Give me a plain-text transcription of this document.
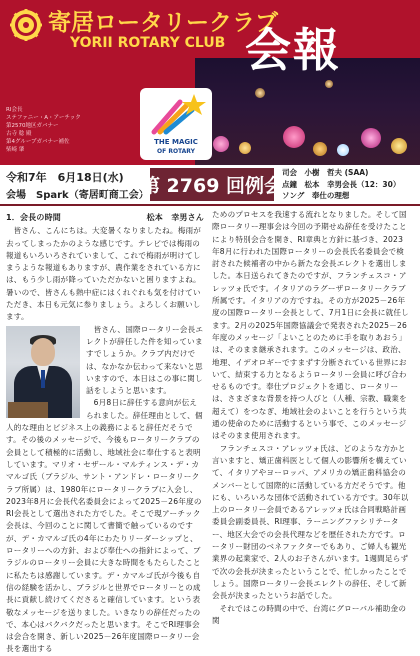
寄居ロータリークラブ
YORII ROTARY CLUB 会報
RI会長
ステファニー・A・アーチック
第2570地区ガバナー
古寺 稔 殿
第4グループガバナー補佐
柴崎 肇
THE MAGIC
OF ROTARY
令和7年　6月18日(水)
会場　Spark（寄居町商工会）
第 2769 回例会
司会　小樹　哲夫 (SAA)
点鐘　松本　幸男会長（12：30）
ソング　奉仕の理想
1．会長の時間	松本　幸男さん

皆さん、こんにちは。大変暑くなりましたね。梅雨が去ってしまったかのような感じです。テレビでは梅雨の報道もいろいろされていまして、これで梅雨が明けてしまうような報道もありますが、農作業をされている方には、もう少し雨が降っていただかないと困りますよね。暑いので、皆さんも熱中症にはくれぐれも気を付けていただき、本日も元気に参りましょう。よろしくお願いします。

皆さん、国際ロータリー会長エレクトが辞任した件を知っていますでしょうか。クラブ内だけでは、なかなか伝わって来ないと思いますので、本日はこの事に関し話をしようと思います。

6月8日に辞任する意向が伝えられました。辞任理由として、個人的な理由とビジネス上の義務によると辞任だそうです。その後のメッセージで、今後もロータリークラブの会員として積極的に活動し、地域社会に奉仕すると表明しています。マリオ・セザール・マルティンス・デ・カマルゴ氏（ブラジル、サント・アンドレ・ロータリークラブ所属）は、1980年にロータリークラブに入会し、2023年8月に会長代名委員会によって2025－26年度のRI会長として選出された方でした。そこで現アーチック会長は、今回のことに関して書簡で触っているのですが、デ・カマルゴ氏の4年にわたりリーダーシップと、ロータリーへの方針、および奉仕への指針によって、ブラジルのロータリー会員に大きな時間をもたらしたことに私たちは感謝しています。デ・カマルゴ氏が今後も自信の経験を活かし、ブラジルと世界でロータリーとの成長に貢献し続けてくださると確信しています。という表敬なメッセージを送りました。いきなりの辞任だったので、本心はバクバクだったと思います。そこでRI理事会は会合を開き、新しい2025－26年度国際ロータリー会長を選出する

ためのプロセスを我速する流れとなりました。そして国際ロータリー理事会は今回の予期せぬ辞任を受けたことにより特別会合を開き、RI章典と方針に基づき、2023年8月に行われた国際ロータリーの会長氏名委員会で検討された候補者の中から新たな会長エレクトを選出しました。本日送られてきたのですが、フランチェスコ・アレッツォ氏です。イタリアのラグーザロータリークラブ所属です。イタリアの方ですね。その方が2025－26年度の国際ロータリー会長として、7月1日に会長に就任します。2月の2025年国際協議会で発表された2025－26年度のメッセージ「よいことのために手を取りあおう」は、そのまま継承されます。このメッセージは、政治、地理、イデオロギーですまずす分断されている世界において、結束する力となるようロータリー会員に呼び合わせるものです。奉仕プロジェクトを通じ、ロータリーは、さまざまな背景を持つ人びと（人種、宗教、職業を超えて）をつなぎ、地域社会のよいことを行うという共通の使命のために活動するという事で、このメッセージはそのまま使用されます。

フランチェスコ・アレッツォ氏は、どのような方かと言いますと、矯正歯科医として個人の影響所を構えていて、イタリアやヨーロッパ、アメリカの矯正歯科協会のメンバーとして国際的に活動している方だそうです。他にも、いろいろな団体で活動されている方です。30年以上のロータリー会員であるアレッツォ氏は合同戦略計画委員会副委員長、RI理事、ラーニングファシリテーター、地区大会での会長代理などを歴任された方です。ロータリー財団のベネファクターでもあり、ご婦人も観光業界の起業家で、2人のお子さんがいます。1週間足らずで次の会長が決まったということで、忙しかったことでしょう。国際ロータリー会長エレクトの辞任、そして新会長が決まったというお話でした。

それではこの時間の中で、台湾にグローバル補助金の関
